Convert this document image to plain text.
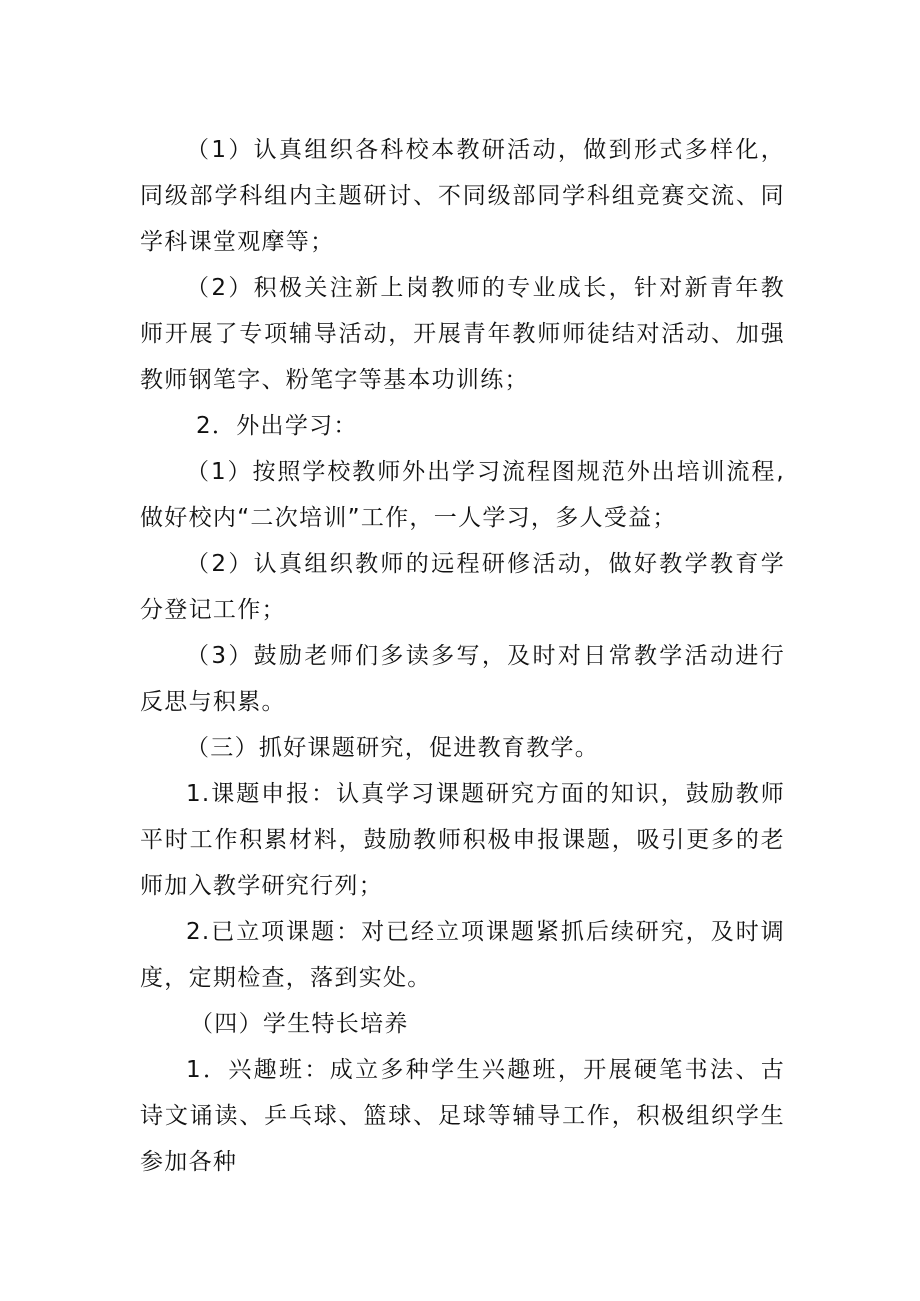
（1）认真组织各科校本教研活动，做到形式多样化，同级部学科组内主题研讨、不同级部同学科组竞赛交流、同学科课堂观摩等；
（2）积极关注新上岗教师的专业成长，针对新青年教师开展了专项辅导活动，开展青年教师师徒结对活动、加强教师钢笔字、粉笔字等基本功训练；
2．外出学习：
（1）按照学校教师外出学习流程图规范外出培训流程,做好校内“二次培训”工作，一人学习，多人受益；
（2）认真组织教师的远程研修活动，做好教学教育学分登记工作；
（3）鼓励老师们多读多写，及时对日常教学活动进行反思与积累。
（三）抓好课题研究，促进教育教学。
1.课题申报：认真学习课题研究方面的知识，鼓励教师平时工作积累材料，鼓励教师积极申报课题，吸引更多的老师加入教学研究行列；
2.已立项课题：对已经立项课题紧抓后续研究，及时调度，定期检查，落到实处。
（四）学生特长培养
1．兴趣班：成立多种学生兴趣班，开展硬笔书法、古诗文诵读、乒乓球、篮球、足球等辅导工作，积极组织学生参加各种
